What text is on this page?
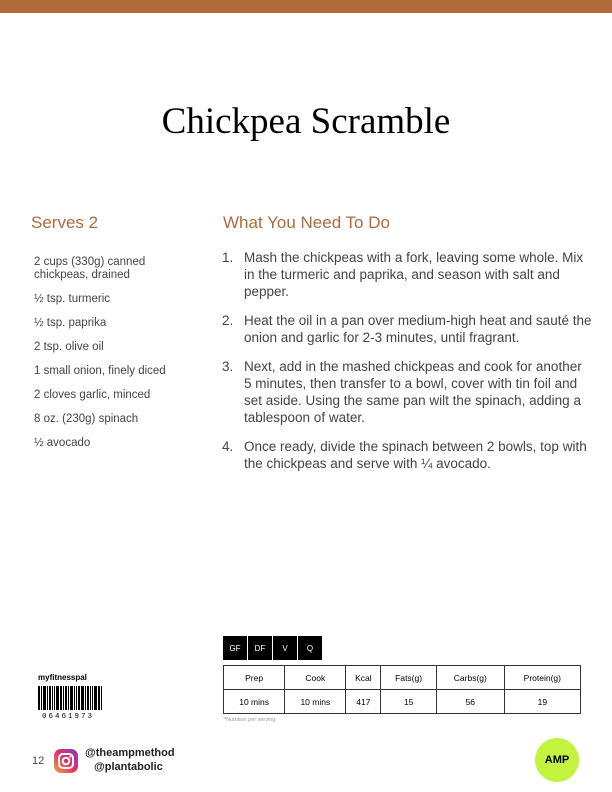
Chickpea Scramble
Serves 2
2 cups (330g) canned chickpeas, drained
½ tsp. turmeric
½ tsp. paprika
2 tsp. olive oil
1 small onion, finely diced
2 cloves garlic, minced
8 oz. (230g) spinach
½ avocado
What You Need To Do
1. Mash the chickpeas with a fork, leaving some whole. Mix in the turmeric and paprika, and season with salt and pepper.
2. Heat the oil in a pan over medium-high heat and sauté the onion and garlic for 2-3 minutes, until fragrant.
3. Next, add in the mashed chickpeas and cook for another 5 minutes, then transfer to a bowl, cover with tin foil and set aside. Using the same pan wilt the spinach, adding a tablespoon of water.
4. Once ready, divide the spinach between 2 bowls, top with the chickpeas and serve with ¼ avocado.
GF	DF	V	Q
Prep	Cook	Kcal	Fats(g)	Carbs(g)	Protein(g)
10 mins	10 mins	417	15	56	19
*Nutrition per serving
myfitnesspal
06461973
12
@theampmethod
@plantabolic
AMP
